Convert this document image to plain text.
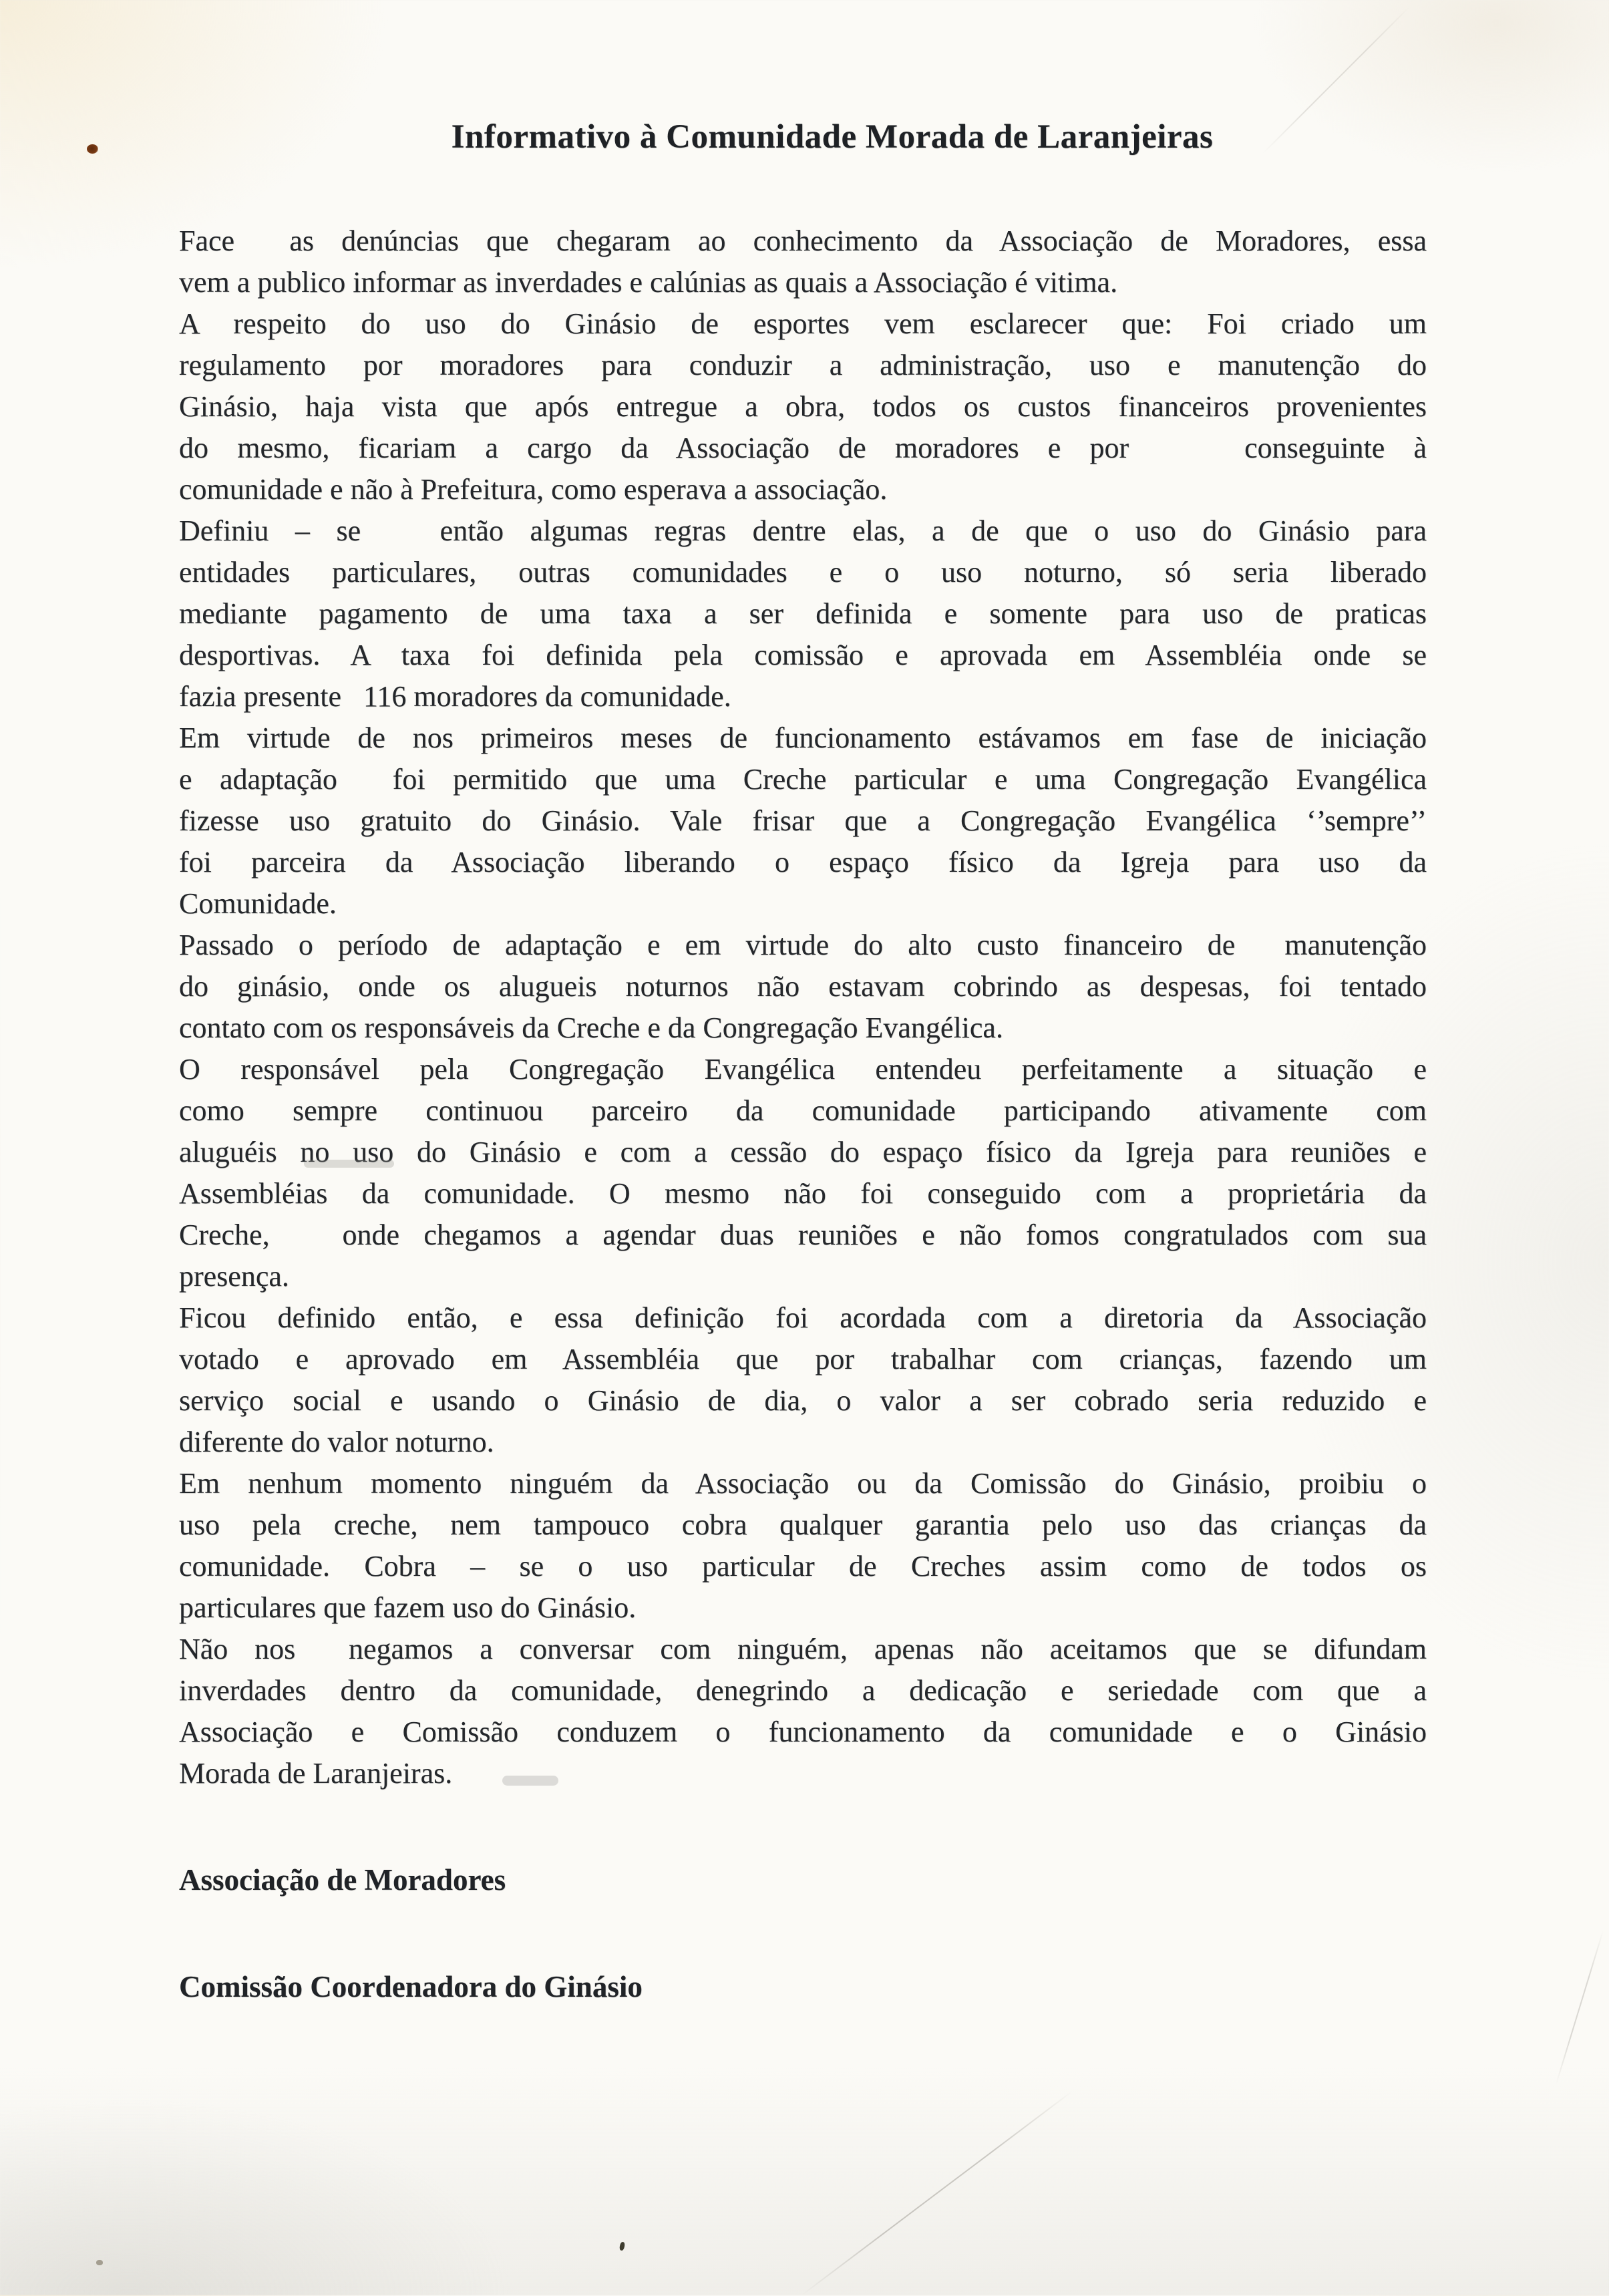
Informativo à Comunidade Morada de Laranjeiras
Face  as denúncias que chegaram ao conhecimento da Associação de Moradores, essa
vem a publico informar as inverdades e calúnias as quais a Associação é vitima.
A respeito do uso do Ginásio de esportes vem esclarecer que: Foi criado um
regulamento por moradores para conduzir a administração, uso e manutenção do
Ginásio, haja vista que após entregue a obra, todos os custos financeiros provenientes
do mesmo, ficariam a cargo da Associação de moradores e por    conseguinte à
comunidade e não à Prefeitura, como esperava a associação.
Definiu – se   então algumas regras dentre elas, a de que o uso do Ginásio para
entidades particulares, outras comunidades e o uso noturno, só seria liberado
mediante pagamento de uma taxa a ser definida e somente para uso de praticas
desportivas. A taxa foi definida pela comissão e aprovada em Assembléia onde se
fazia presente   116 moradores da comunidade.
Em virtude de nos primeiros meses de funcionamento estávamos em fase de iniciação
e adaptação  foi permitido que uma Creche particular e uma Congregação Evangélica
fizesse uso gratuito do Ginásio. Vale frisar que a Congregação Evangélica ‘’sempre’’
foi parceira da Associação liberando o espaço físico da Igreja para uso da
Comunidade.
Passado o período de adaptação e em virtude do alto custo financeiro de  manutenção
do ginásio, onde os alugueis noturnos não estavam cobrindo as despesas, foi tentado
contato com os responsáveis da Creche e da Congregação Evangélica.
O responsável pela Congregação Evangélica entendeu perfeitamente a situação e
como sempre continuou parceiro da comunidade participando ativamente com
aluguéis no uso do Ginásio e com a cessão do espaço físico da Igreja para reuniões e
Assembléias da comunidade. O mesmo não foi conseguido com a proprietária da
Creche,   onde chegamos a agendar duas reuniões e não fomos congratulados com sua
presença.
Ficou definido então, e essa definição foi acordada com a diretoria da Associação
votado e aprovado em Assembléia que por trabalhar com crianças, fazendo um
serviço social e usando o Ginásio de dia, o valor a ser cobrado seria reduzido e
diferente do valor noturno.
Em nenhum momento ninguém da Associação ou da Comissão do Ginásio, proibiu o
uso pela creche, nem tampouco cobra qualquer garantia pelo uso das crianças da
comunidade. Cobra – se o uso particular de Creches assim como de todos os
particulares que fazem uso do Ginásio.
Não nos  negamos a conversar com ninguém, apenas não aceitamos que se difundam
inverdades dentro da comunidade, denegrindo a dedicação e seriedade com que a
Associação e Comissão conduzem o funcionamento da comunidade e o Ginásio
Morada de Laranjeiras.
Associação de Moradores
Comissão Coordenadora do Ginásio
